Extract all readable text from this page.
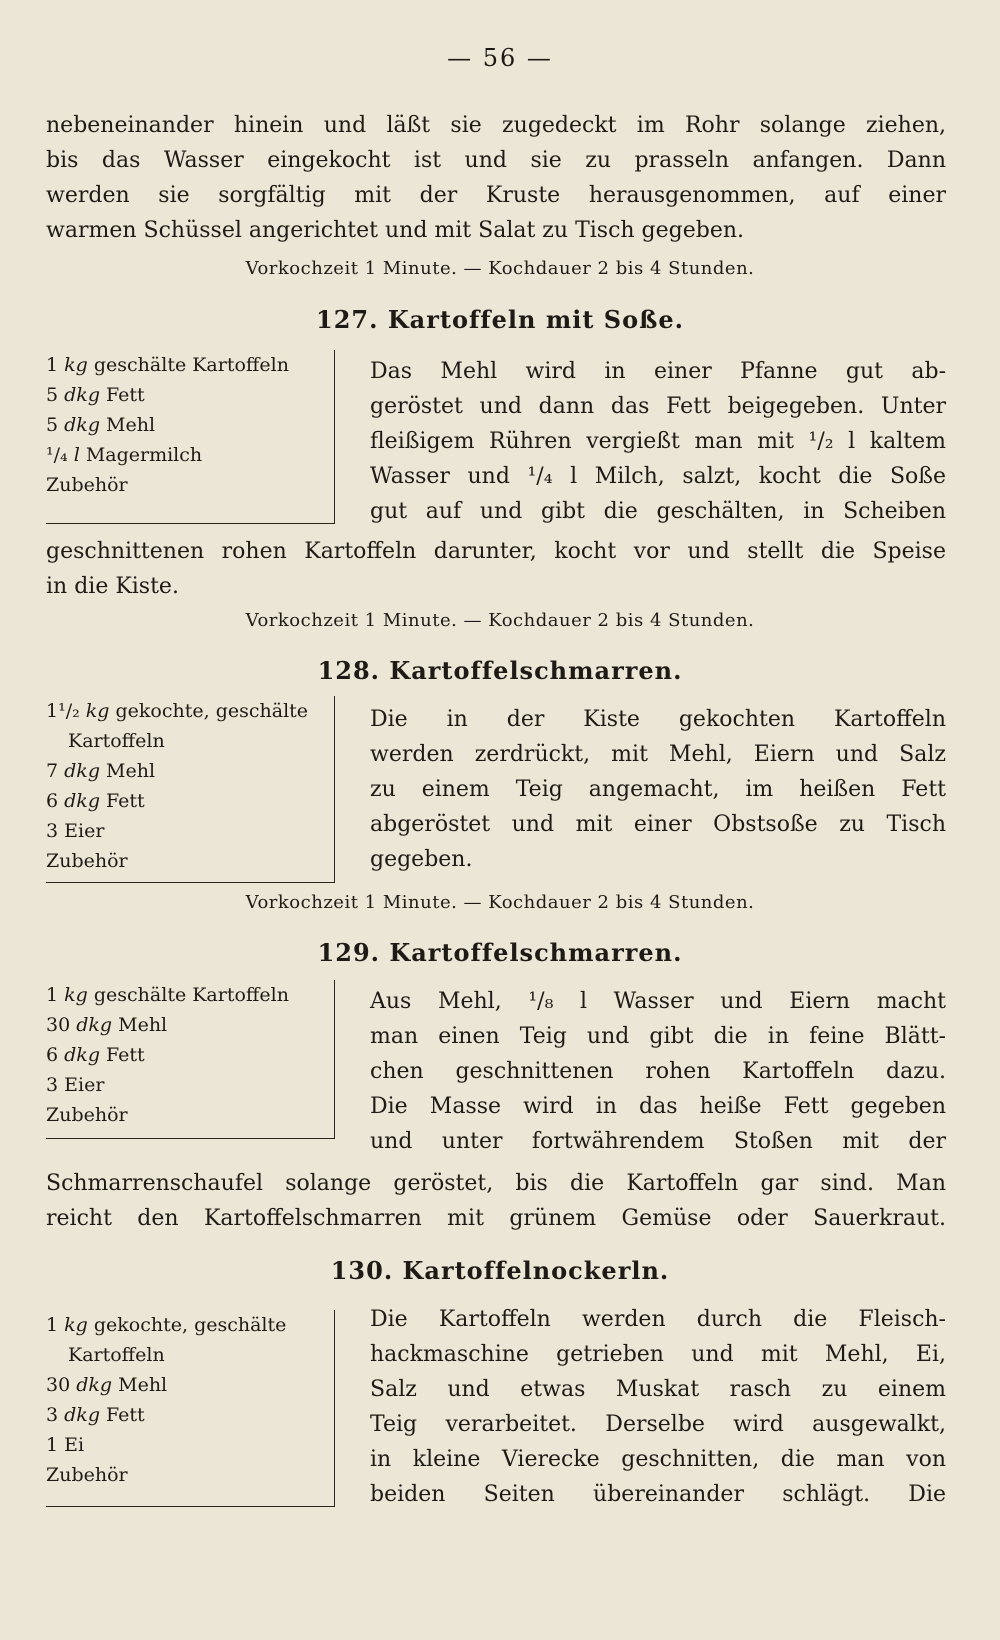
— 56 —
nebeneinander hinein und läßt sie zugedeckt im Rohr solange ziehen,
bis das Wasser eingekocht ist und sie zu prasseln anfangen. Dann
werden sie sorgfältig mit der Kruste herausgenommen, auf einer
warmen Schüssel angerichtet und mit Salat zu Tisch gegeben.
Vorkochzeit 1 Minute. — Kochdauer 2 bis 4 Stunden.
127. Kartoffeln mit Soße.
1 kg geschälte Kartoffeln
5 dkg Fett
5 dkg Mehl
¹/₄ l Magermilch
Zubehör
Das Mehl wird in einer Pfanne gut ab-
geröstet und dann das Fett beigegeben. Unter
fleißigem Rühren vergießt man mit ¹/₂ l kaltem
Wasser und ¹/₄ l Milch, salzt, kocht die Soße
gut auf und gibt die geschälten, in Scheiben
geschnittenen rohen Kartoffeln darunter, kocht vor und stellt die Speise
in die Kiste.
Vorkochzeit 1 Minute. — Kochdauer 2 bis 4 Stunden.
128. Kartoffelschmarren.
1¹/₂ kg gekochte, geschälte
Kartoffeln
7 dkg Mehl
6 dkg Fett
3 Eier
Zubehör
Die in der Kiste gekochten Kartoffeln
werden zerdrückt, mit Mehl, Eiern und Salz
zu einem Teig angemacht, im heißen Fett
abgeröstet und mit einer Obstsoße zu Tisch
gegeben.
Vorkochzeit 1 Minute. — Kochdauer 2 bis 4 Stunden.
129. Kartoffelschmarren.
1 kg geschälte Kartoffeln
30 dkg Mehl
6 dkg Fett
3 Eier
Zubehör
Aus Mehl, ¹/₈ l Wasser und Eiern macht
man einen Teig und gibt die in feine Blätt-
chen geschnittenen rohen Kartoffeln dazu.
Die Masse wird in das heiße Fett gegeben
und unter fortwährendem Stoßen mit der
Schmarrenschaufel solange geröstet, bis die Kartoffeln gar sind. Man
reicht den Kartoffelschmarren mit grünem Gemüse oder Sauerkraut.
130. Kartoffelnockerln.
1 kg gekochte, geschälte
Kartoffeln
30 dkg Mehl
3 dkg Fett
1 Ei
Zubehör
Die Kartoffeln werden durch die Fleisch-
hackmaschine getrieben und mit Mehl, Ei,
Salz und etwas Muskat rasch zu einem
Teig verarbeitet. Derselbe wird ausgewalkt,
in kleine Vierecke geschnitten, die man von
beiden Seiten übereinander schlägt. Die
